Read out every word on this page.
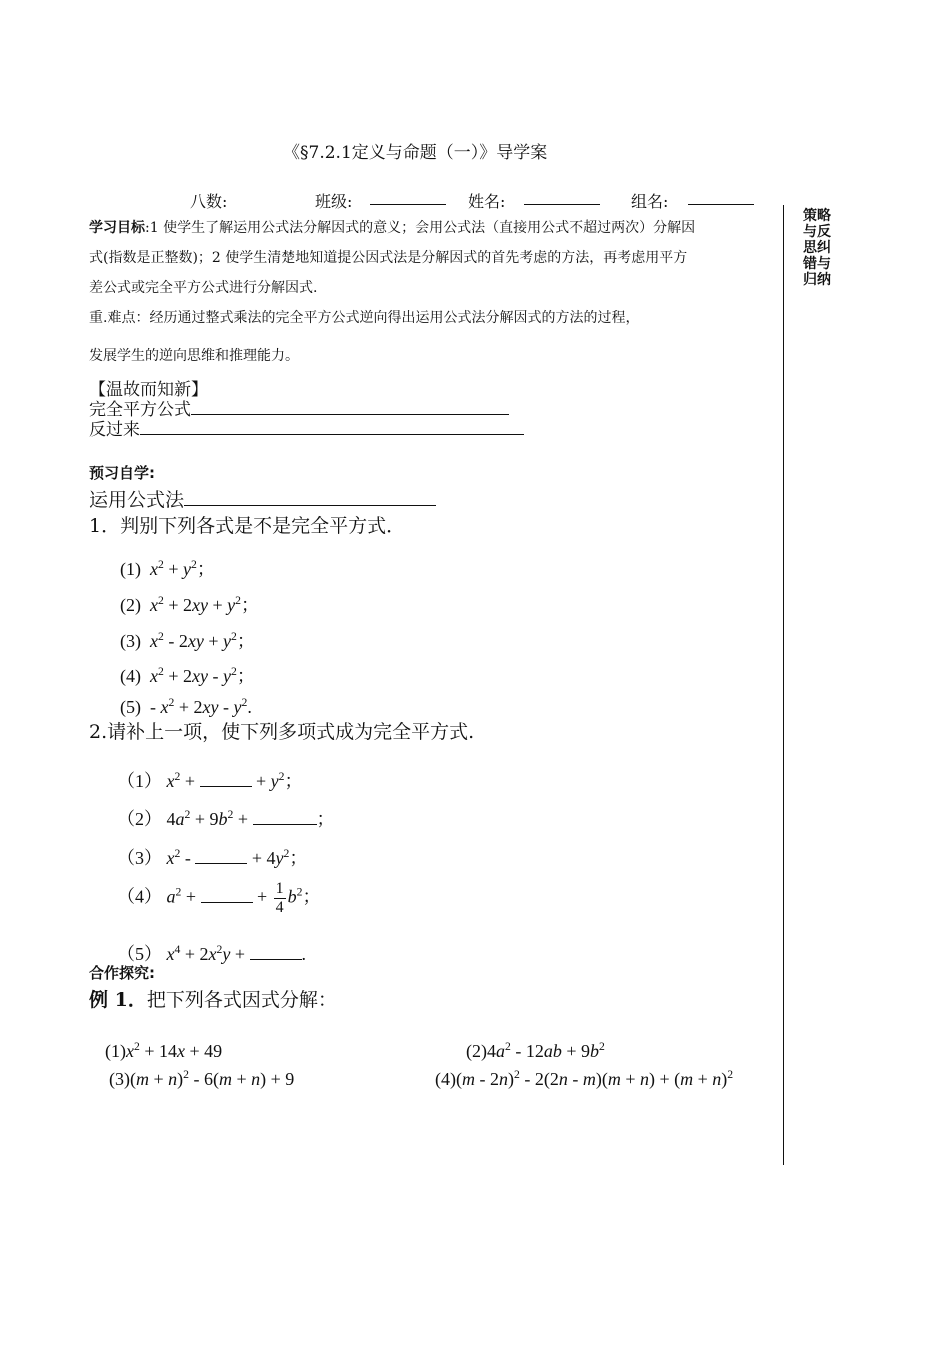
《§7.2.1定义与命题（一）》导学案
八数:	班级:	姓名:	组名:
策略
与反
思纠
错与
归纳
学习目标:1 使学生了解运用公式法分解因式的意义；会用公式法（直接用公式不超过两次）分解因
式(指数是正整数)；2 使学生清楚地知道提公因式法是分解因式的首先考虑的方法，再考虑用平方
差公式或完全平方公式进行分解因式.
重.难点：经历通过整式乘法的完全平方公式逆向得出运用公式法分解因式的方法的过程，
发展学生的逆向思维和推理能力。
【温故而知新】
完全平方公式
反过来
预习自学:
运用公式法
1．判别下列各式是不是完全平方式．
(1)  $x^2 + y^2$；
(2)  $x^2 + 2xy + y^2$；
(3)  $x^2 - 2xy + y^2$；
(4)  $x^2 + 2xy - y^2$；
$(5) - x^2 + 2xy - y^2$.
2.请补上一项，使下列多项式成为完全平方式.
（1） $x^2$ +	+ $y^2$；
（2） $4a^2 + 9b^2$ +	；
（3） $x^2$ -	+ $4y^2$；
（4） $a^2$ +	+ $\frac{1}{4} b^2$；
（5） $x^4 + 2x^2y$ +	.
合作探究:
例 1．把下列各式因式分解：
$(1)x^2 + 14x + 49$	$(2)4a^2 - 12ab + 9b^2$
$(3)(m + n)^2 - 6(m + n) + 9$	$(4)(m - 2n)^2 - 2(2n - m)(m + n) + (m + n)^2$
